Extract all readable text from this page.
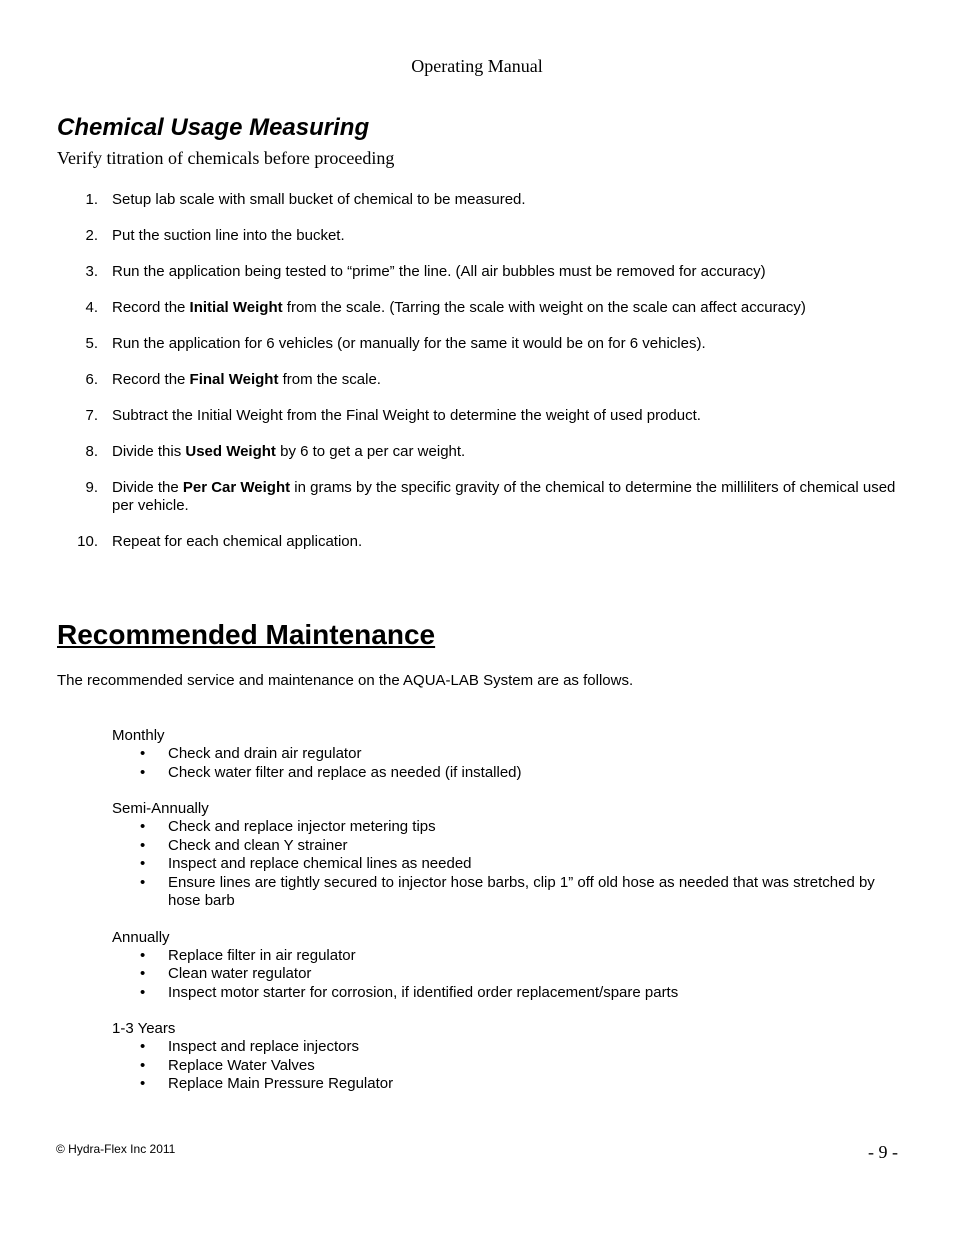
Operating Manual
Chemical Usage Measuring
Verify titration of chemicals before proceeding
1. Setup lab scale with small bucket of chemical to be measured.
2. Put the suction line into the bucket.
3. Run the application being tested to “prime” the line. (All air bubbles must be removed for accuracy)
4. Record the Initial Weight from the scale. (Tarring the scale with weight on the scale can affect accuracy)
5. Run the application for 6 vehicles (or manually for the same it would be on for 6 vehicles).
6. Record the Final Weight from the scale.
7. Subtract the Initial Weight from the Final Weight to determine the weight of used product.
8. Divide this Used Weight by 6 to get a per car weight.
9. Divide the Per Car Weight in grams by the specific gravity of the chemical to determine the milliliters of chemical used per vehicle.
10. Repeat for each chemical application.
Recommended Maintenance
The recommended service and maintenance on the AQUA-LAB System are as follows.
Monthly
• Check and drain air regulator
• Check water filter and replace as needed (if installed)
Semi-Annually
• Check and replace injector metering tips
• Check and clean Y strainer
• Inspect and replace chemical lines as needed
• Ensure lines are tightly secured to injector hose barbs, clip 1” off old hose as needed that was stretched by hose barb
Annually
• Replace filter in air regulator
• Clean water regulator
• Inspect motor starter for corrosion, if identified order replacement/spare parts
1-3 Years
• Inspect and replace injectors
• Replace Water Valves
• Replace Main Pressure Regulator
© Hydra-Flex Inc 2011	- 9 -
